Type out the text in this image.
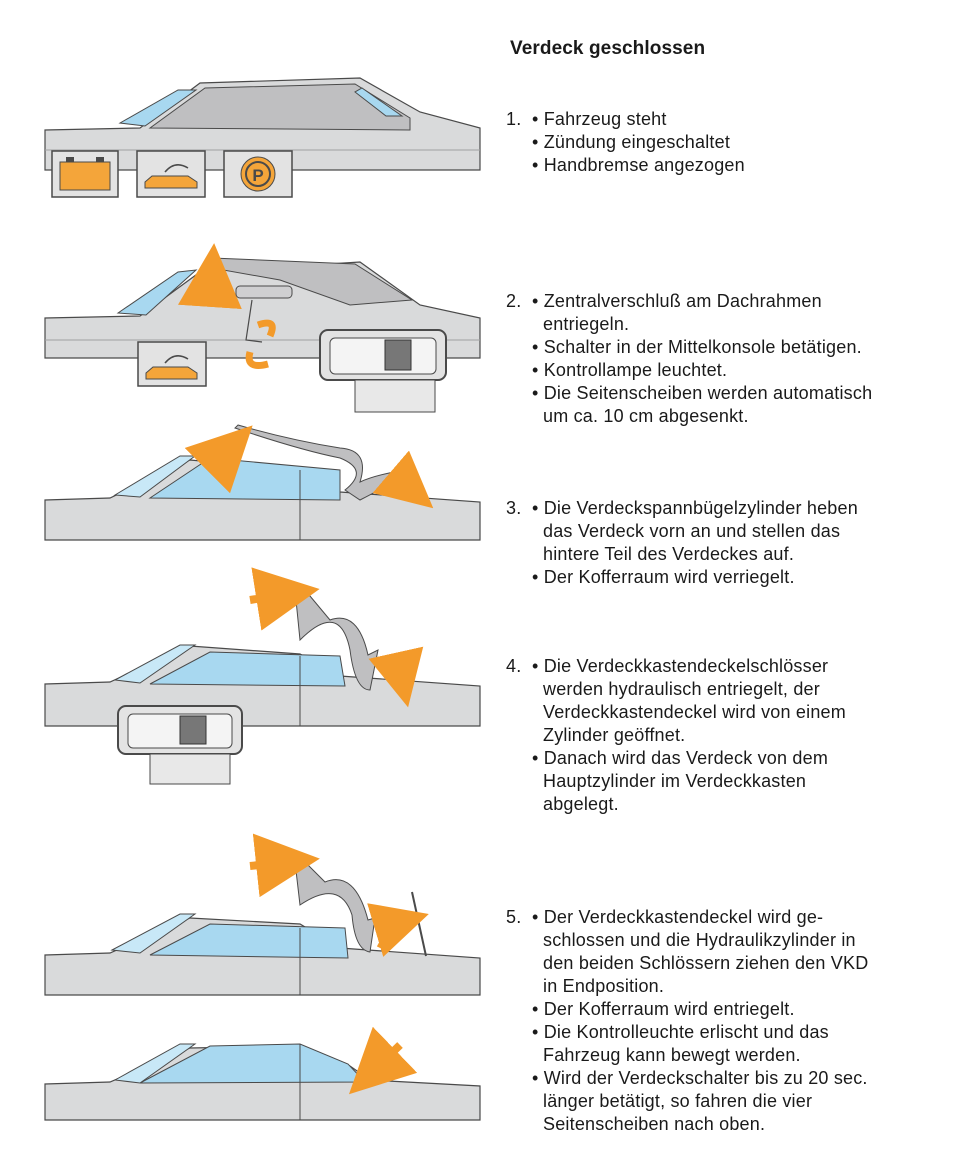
P
Verdeck geschlossen
1. • Fahrzeug steht
• Zündung eingeschaltet
• Handbremse angezogen
2. • Zentralverschluß am Dachrahmen
entriegeln.
• Schalter in der Mittelkonsole betätigen.
• Kontrollampe leuchtet.
• Die Seitenscheiben werden automatisch
um ca. 10 cm abgesenkt.
3. • Die Verdeckspannbügelzylinder heben
das Verdeck vorn an und stellen das
hintere Teil des Verdeckes auf.
• Der Kofferraum wird verriegelt.
4. • Die Verdeckkastendeckelschlösser
werden hydraulisch entriegelt, der
Verdeckkastendeckel wird von einem
Zylinder geöffnet.
• Danach wird das Verdeck von dem
Hauptzylinder im Verdeckkasten
abgelegt.
5. • Der Verdeckkastendeckel wird ge-
schlossen und die Hydraulikzylinder in
den beiden Schlössern ziehen den VKD
in Endposition.
• Der Kofferraum wird entriegelt.
• Die Kontrolleuchte erlischt und das
Fahrzeug kann bewegt werden.
• Wird der Verdeckschalter bis zu 20 sec.
länger betätigt, so fahren die vier
Seitenscheiben nach oben.
